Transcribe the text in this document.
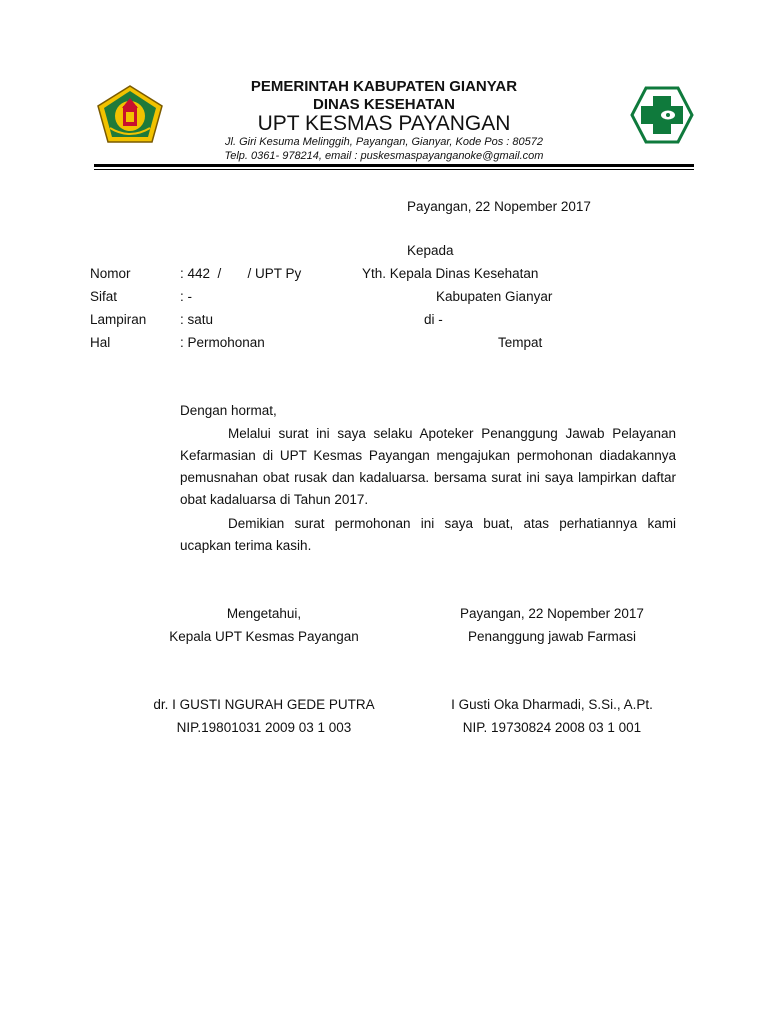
PEMERINTAH KABUPATEN GIANYAR
DINAS KESEHATAN
UPT KESMAS PAYANGAN
Jl. Giri Kesuma Melinggih, Payangan, Gianyar, Kode Pos : 80572
Telp. 0361- 978214, email : puskesmaspayanganoke@gmail.com
Payangan, 22 Nopember 2017
Kepada
Yth. Kepala Dinas Kesehatan
Kabupaten Gianyar
di -
Tempat
Nomor	: 442  /       / UPT Py
Sifat	: -
Lampiran : satu
Hal	: Permohonan
Dengan hormat,
Melalui surat ini saya selaku Apoteker Penanggung Jawab Pelayanan Kefarmasian di UPT Kesmas Payangan mengajukan permohonan diadakannya pemusnahan obat rusak dan kadaluarsa. bersama surat ini saya lampirkan daftar obat kadaluarsa di Tahun 2017.
Demikian surat permohonan ini saya buat, atas perhatiannya kami ucapkan terima kasih.
Mengetahui,
Kepala UPT Kesmas Payangan
dr. I GUSTI NGURAH GEDE PUTRA
NIP.19801031 2009 03 1 003
Payangan, 22 Nopember 2017
Penanggung jawab Farmasi
I Gusti Oka Dharmadi, S.Si., A.Pt.
NIP. 19730824 2008 03 1 001
